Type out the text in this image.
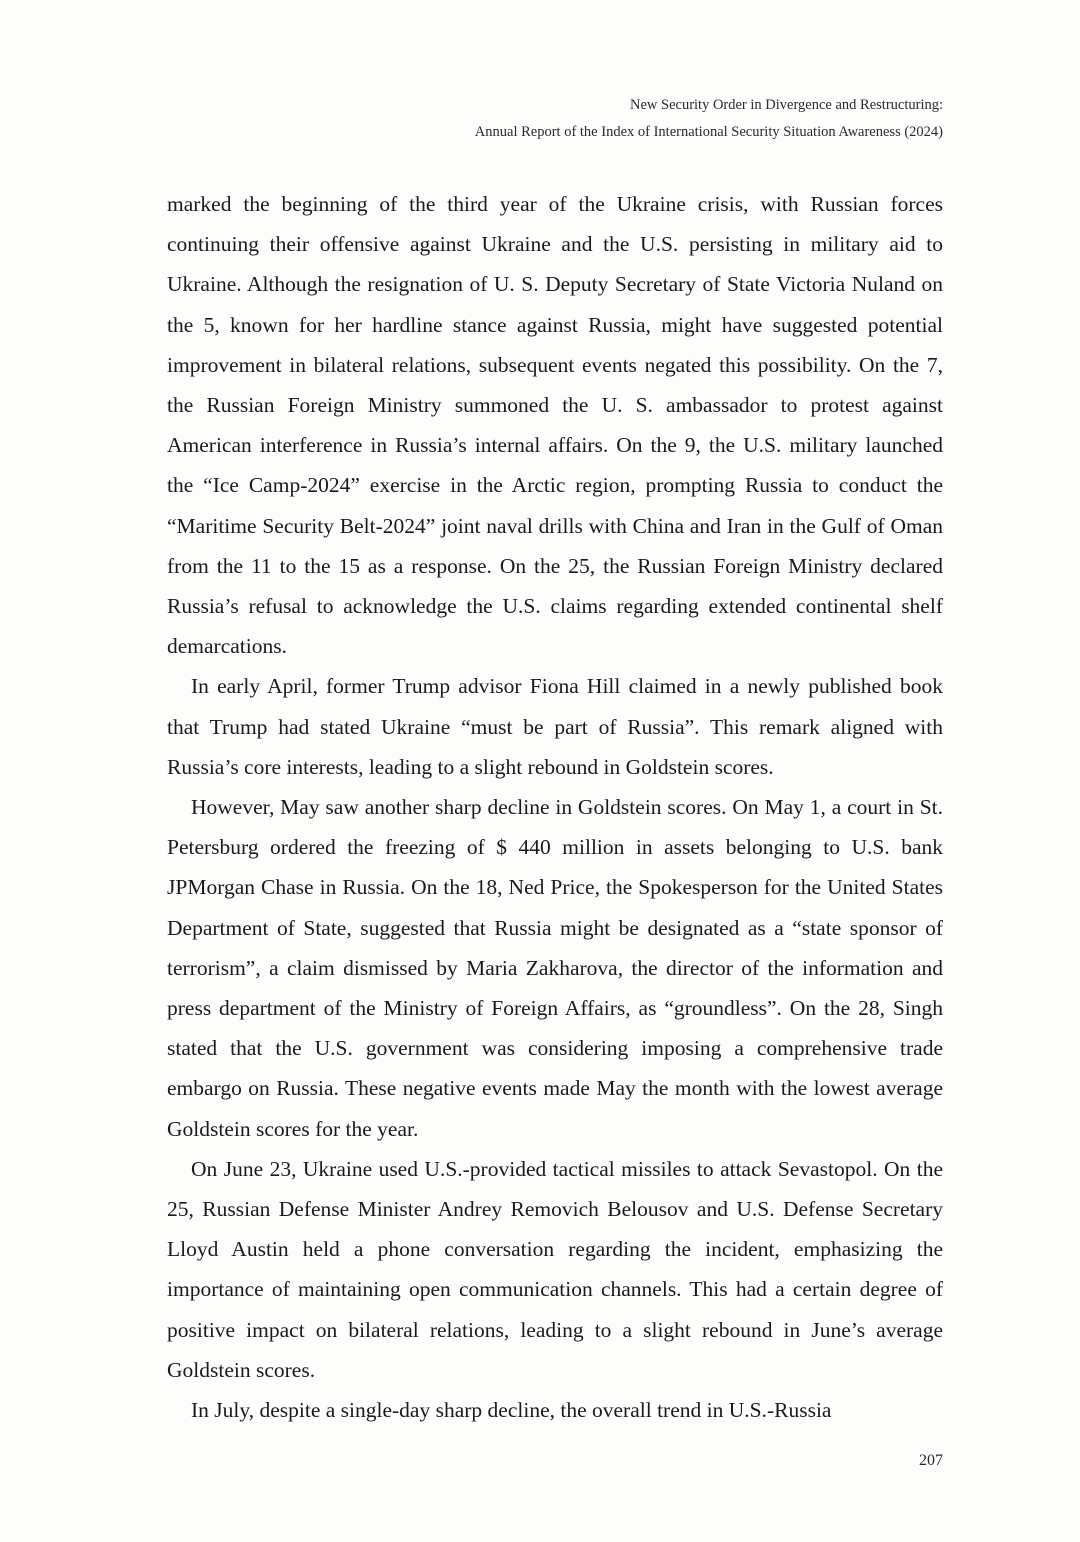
New Security Order in Divergence and Restructuring:
Annual Report of the Index of International Security Situation Awareness (2024)

marked the beginning of the third year of the Ukraine crisis, with Russian forces continuing their offensive against Ukraine and the U.S. persisting in military aid to Ukraine. Although the resignation of U. S. Deputy Secretary of State Victoria Nuland on the 5, known for her hardline stance against Russia, might have suggested potential improvement in bilateral relations, subsequent events negated this possibility. On the 7, the Russian Foreign Ministry summoned the U. S. ambassador to protest against American interference in Russia’s internal affairs. On the 9, the U.S. military launched the “Ice Camp-2024” exercise in the Arctic region, prompting Russia to conduct the “Maritime Security Belt-2024” joint naval drills with China and Iran in the Gulf of Oman from the 11 to the 15 as a response. On the 25, the Russian Foreign Ministry declared Russia’s refusal to acknowledge the U.S. claims regarding extended continental shelf demarcations.

In early April, former Trump advisor Fiona Hill claimed in a newly published book that Trump had stated Ukraine “must be part of Russia”. This remark aligned with Russia’s core interests, leading to a slight rebound in Goldstein scores.

However, May saw another sharp decline in Goldstein scores. On May 1, a court in St. Petersburg ordered the freezing of $ 440 million in assets belonging to U.S. bank JPMorgan Chase in Russia. On the 18, Ned Price, the Spokesperson for the United States Department of State, suggested that Russia might be designated as a “state sponsor of terrorism”, a claim dismissed by Maria Zakharova, the director of the information and press department of the Ministry of Foreign Affairs, as “groundless”. On the 28, Singh stated that the U.S. government was considering imposing a comprehensive trade embargo on Russia. These negative events made May the month with the lowest average Goldstein scores for the year.

On June 23, Ukraine used U.S.-provided tactical missiles to attack Sevastopol. On the 25, Russian Defense Minister Andrey Removich Belousov and U.S. Defense Secretary Lloyd Austin held a phone conversation regarding the incident, emphasizing the importance of maintaining open communication channels. This had a certain degree of positive impact on bilateral relations, leading to a slight rebound in June’s average Goldstein scores.

In July, despite a single-day sharp decline, the overall trend in U.S.-Russia

207
